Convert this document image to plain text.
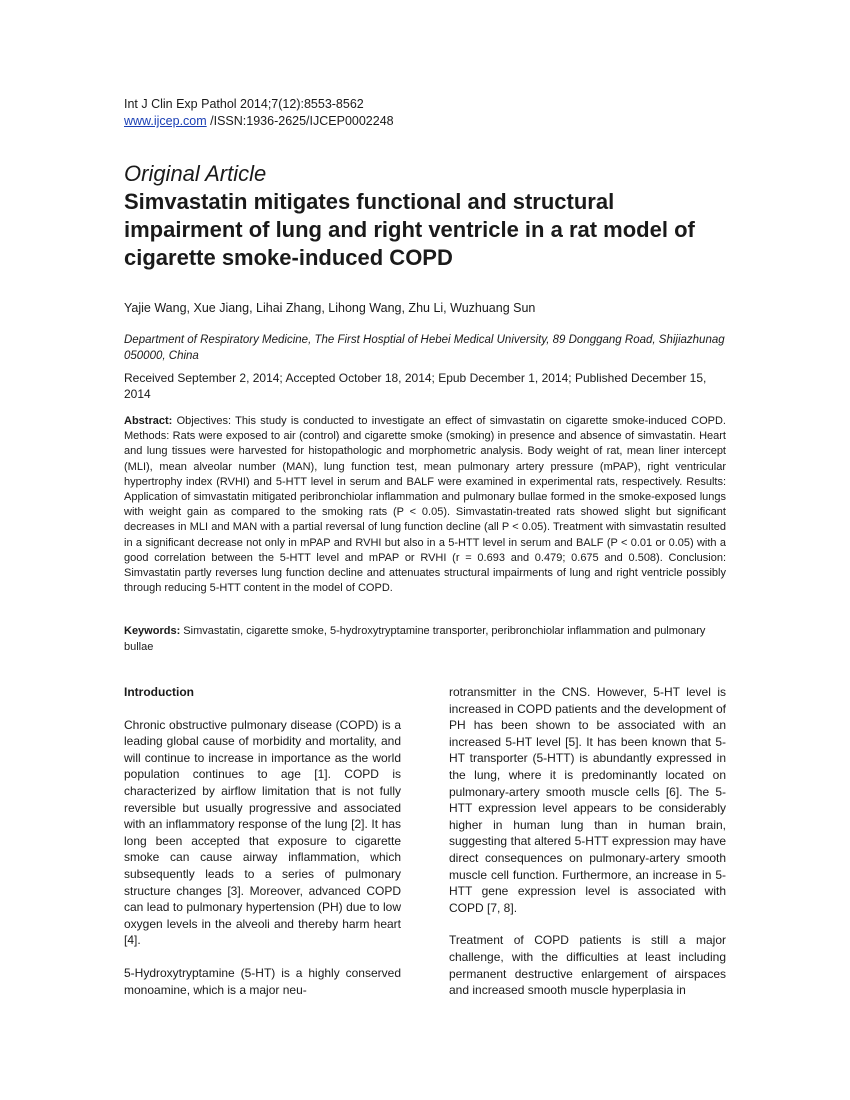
Int J Clin Exp Pathol 2014;7(12):8553-8562
www.ijcep.com /ISSN:1936-2625/IJCEP0002248
Original Article
Simvastatin mitigates functional and structural impairment of lung and right ventricle in a rat model of cigarette smoke-induced COPD
Yajie Wang, Xue Jiang, Lihai Zhang, Lihong Wang, Zhu Li, Wuzhuang Sun
Department of Respiratory Medicine, The First Hosptial of Hebei Medical University, 89 Donggang Road, Shijiazhunag 050000, China
Received September 2, 2014; Accepted October 18, 2014; Epub December 1, 2014; Published December 15, 2014
Abstract: Objectives: This study is conducted to investigate an effect of simvastatin on cigarette smoke-induced COPD. Methods: Rats were exposed to air (control) and cigarette smoke (smoking) in presence and absence of simvastatin. Heart and lung tissues were harvested for histopathologic and morphometric analysis. Body weight of rat, mean liner intercept (MLI), mean alveolar number (MAN), lung function test, mean pulmonary artery pressure (mPAP), right ventricular hypertrophy index (RVHI) and 5-HTT level in serum and BALF were examined in experimental rats, respectively. Results: Application of simvastatin mitigated peribronchiolar inflammation and pulmonary bullae formed in the smoke-exposed lungs with weight gain as compared to the smoking rats (P < 0.05). Simvastatin-treated rats showed slight but significant decreases in MLI and MAN with a partial reversal of lung function decline (all P < 0.05). Treatment with simvastatin resulted in a significant decrease not only in mPAP and RVHI but also in a 5-HTT level in serum and BALF (P < 0.01 or 0.05) with a good correlation between the 5-HTT level and mPAP or RVHI (r = 0.693 and 0.479; 0.675 and 0.508). Conclusion: Simvastatin partly reverses lung function decline and attenuates structural impairments of lung and right ventricle possibly through reducing 5-HTT content in the model of COPD.
Keywords: Simvastatin, cigarette smoke, 5-hydroxytryptamine transporter, peribronchiolar inflammation and pulmonary bullae
Introduction

Chronic obstructive pulmonary disease (COPD) is a leading global cause of morbidity and mortality, and will continue to increase in importance as the world population continues to age [1]. COPD is characterized by airflow limitation that is not fully reversible but usually progressive and associated with an inflammatory response of the lung [2]. It has long been accepted that exposure to cigarette smoke can cause airway inflammation, which subsequently leads to a series of pulmonary structure changes [3]. Moreover, advanced COPD can lead to pulmonary hypertension (PH) due to low oxygen levels in the alveoli and thereby harm heart [4].

5-Hydroxytryptamine (5-HT) is a highly conserved monoamine, which is a major neu-

rotransmitter in the CNS. However, 5-HT level is increased in COPD patients and the development of PH has been shown to be associated with an increased 5-HT level [5]. It has been known that 5-HT transporter (5-HTT) is abundantly expressed in the lung, where it is predominantly located on pulmonary-artery smooth muscle cells [6]. The 5-HTT expression level appears to be considerably higher in human lung than in human brain, suggesting that altered 5-HTT expression may have direct consequences on pulmonary-artery smooth muscle cell function. Furthermore, an increase in 5-HTT gene expression level is associated with COPD [7, 8].

Treatment of COPD patients is still a major challenge, with the difficulties at least including permanent destructive enlargement of airspaces and increased smooth muscle hyperplasia in
